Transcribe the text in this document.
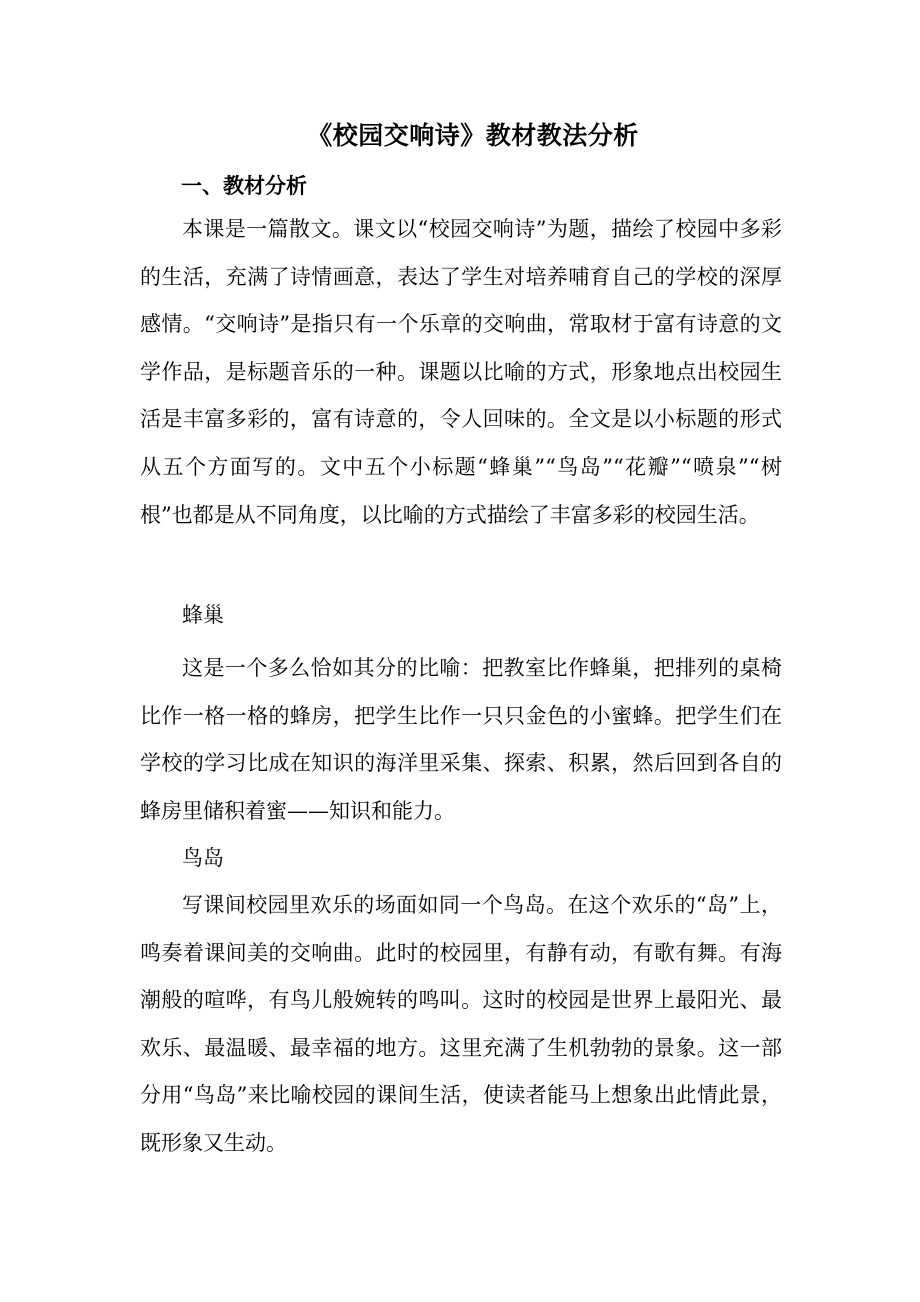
《校园交响诗》教材教法分析
一、教材分析

本课是一篇散文。课文以“校园交响诗”为题，描绘了校园中多彩的生活，充满了诗情画意，表达了学生对培养哺育自己的学校的深厚感情。“交响诗”是指只有一个乐章的交响曲，常取材于富有诗意的文学作品，是标题音乐的一种。课题以比喻的方式，形象地点出校园生活是丰富多彩的，富有诗意的，令人回味的。全文是以小标题的形式从五个方面写的。文中五个小标题“蜂巢”“鸟岛”“花瓣”“喷泉”“树根”也都是从不同角度，以比喻的方式描绘了丰富多彩的校园生活。

蜂巢

这是一个多么恰如其分的比喻：把教室比作蜂巢，把排列的桌椅比作一格一格的蜂房，把学生比作一只只金色的小蜜蜂。把学生们在学校的学习比成在知识的海洋里采集、探索、积累，然后回到各自的蜂房里储积着蜜——知识和能力。

鸟岛

写课间校园里欢乐的场面如同一个鸟岛。在这个欢乐的“岛”上，鸣奏着课间美的交响曲。此时的校园里，有静有动，有歌有舞。有海潮般的喧哗，有鸟儿般婉转的鸣叫。这时的校园是世界上最阳光、最欢乐、最温暖、最幸福的地方。这里充满了生机勃勃的景象。这一部分用“鸟岛”来比喻校园的课间生活，使读者能马上想象出此情此景，既形象又生动。
